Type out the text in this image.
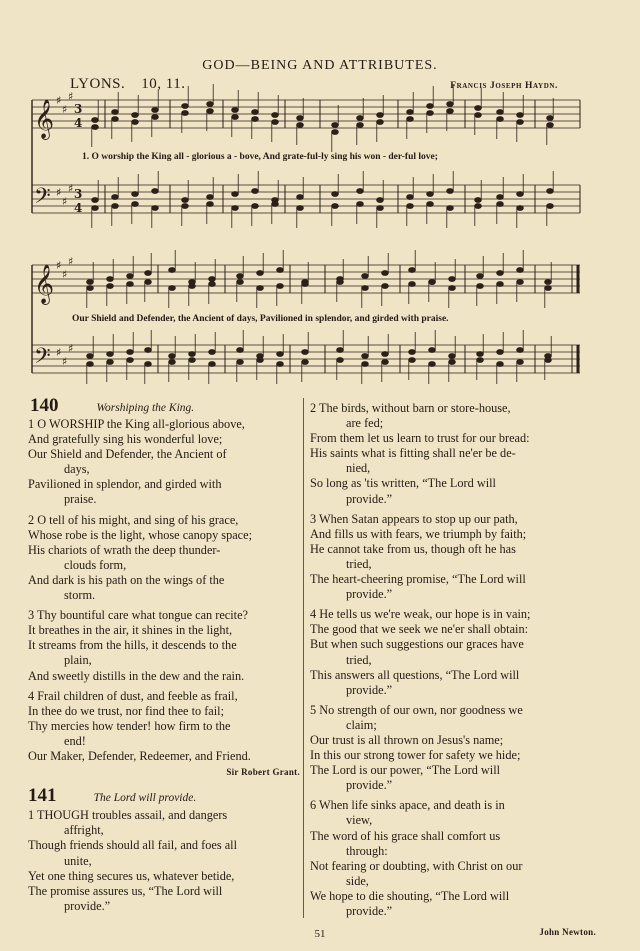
GOD—BEING AND ATTRIBUTES.
LYONS. 10, 11.	Francis Joseph Haydn.
𝄞
𝄢
𝄞
𝄢
♯
♯
♯
♯
♯
♯
♯
♯
♯
♯
♯
♯
3
4
3
4
1. O worship the King all - glorious a - bove, And grate-ful-ly sing his won - der-ful love;
Our Shield and Defender, the Ancient of days, Pavilioned in splendor, and girded with praise.
140	Worshiping the King.
1 O WORSHIP the King all-glorious above,
And gratefully sing his wonderful love;
Our Shield and Defender, the Ancient of
days,
Pavilioned in splendor, and girded with
praise.
2 O tell of his might, and sing of his grace,
Whose robe is the light, whose canopy space;
His chariots of wrath the deep thunder-
clouds form,
And dark is his path on the wings of the
storm.
3 Thy bountiful care what tongue can recite?
It breathes in the air, it shines in the light,
It streams from the hills, it descends to the
plain,
And sweetly distills in the dew and the rain.
4 Frail children of dust, and feeble as frail,
In thee do we trust, nor find thee to fail;
Thy mercies how tender! how firm to the
end!
Our Maker, Defender, Redeemer, and Friend.
Sir Robert Grant.
141	The Lord will provide.
1 THOUGH troubles assail, and dangers
affright,
Though friends should all fail, and foes all
unite,
Yet one thing secures us, whatever betide,
The promise assures us, “The Lord will
provide.”
2 The birds, without barn or store-house,
are fed;
From them let us learn to trust for our bread:
His saints what is fitting shall ne'er be de-
nied,
So long as 'tis written, “The Lord will
provide.”
3 When Satan appears to stop up our path,
And fills us with fears, we triumph by faith;
He cannot take from us, though oft he has
tried,
The heart-cheering promise, “The Lord will
provide.”
4 He tells us we're weak, our hope is in vain;
The good that we seek we ne'er shall obtain:
But when such suggestions our graces have
tried,
This answers all questions, “The Lord will
provide.”
5 No strength of our own, nor goodness we
claim;
Our trust is all thrown on Jesus's name;
In this our strong tower for safety we hide;
The Lord is our power, “The Lord will
provide.”
6 When life sinks apace, and death is in
view,
The word of his grace shall comfort us
through:
Not fearing or doubting, with Christ on our
side,
We hope to die shouting, “The Lord will
provide.”
John Newton.
51
